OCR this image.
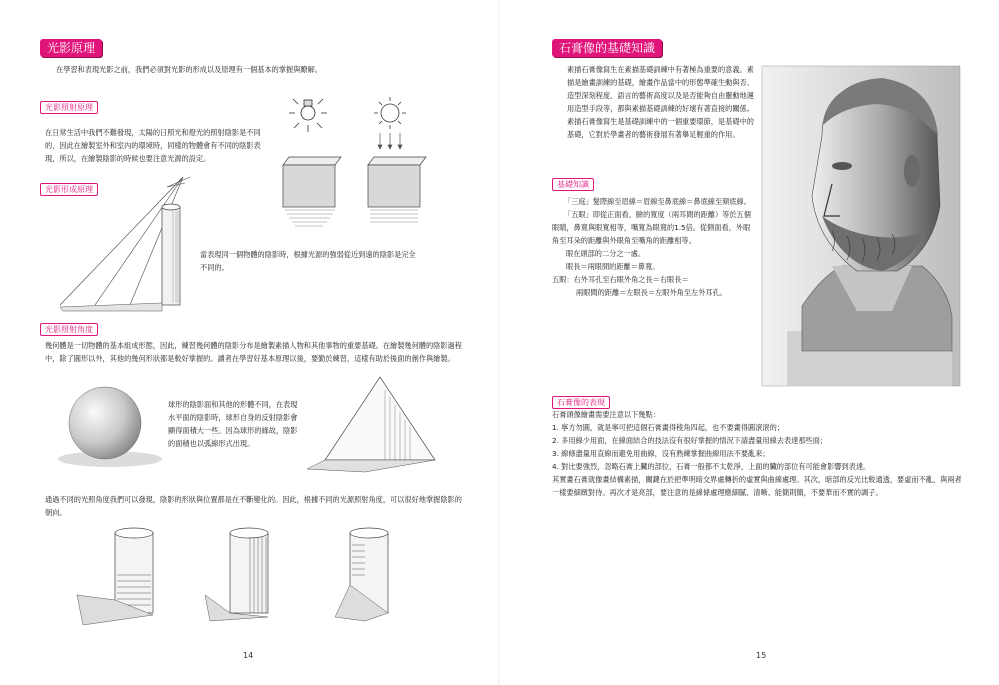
光影原理

在學習和表現光影之前，我們必須對光影的形成以及原理有一個基本的掌握與瞭解。

光影照射原理

在日常生活中我們不難發現，太陽的日照光和燈光的照射陰影是不同的，因此在繪製室外和室內的環境時，同樣的物體會有不同的陰影表現，所以，在繪製陰影的時候也要注意光源的設定。

光影形成原理

當表現同一個物體的陰影時，根據光源的強弱從近到遠的陰影是完全不同的。

光影照射角度

幾何體是一切物體的基本組成形態，因此，練習幾何體的陰影分布是繪製素描人物和其他事物的重要基礎。在繪製幾何體的陰影過程中，除了圓形以外，其他的幾何形狀都是較好掌握的。讀者在學習好基本原理以後，要勤於練習，這樣有助於後面的創作與繪製。

球形的陰影面和其他的形體不同，在表現水平面的陰影時，球形自身的反射陰影會顯得面積大一些。因為球形的緣故，陰影的面積也以弧線形式出現。

通過不同的光照角度我們可以發現，陰影的形狀與位置都是在不斷變化的。因此，根據不同的光源照射角度，可以很好地掌握陰影的朝向。

14
石膏像的基礎知識

素描石膏像寫生在素描基礎訓練中有著極為重要的意義。素描是繪畫訓練的基礎，繪畫作品當中的形態準確生動與否、造型深刻程度、語言的藝術高度以及是否能夠自由靈動地運用造型手段等，都與素描基礎訓練的好壞有著直接的關係。素描石膏像寫生是基礎訓練中的一個重要環節，是基礎中的基礎，它對於學畫者的藝術發展有著舉足輕重的作用。

基礎知識

「三庭」髮際線至眉線＝眉線至鼻底線＝鼻底線至頦底線。

「五眼」即從正面看，臉的寬度（兩耳間的距離）等於五個眼睛，鼻寬與眼寬相等，嘴寬為眼寬的1.5倍。從側面看，外眼角至耳朵的距離與外眼角至嘴角的距離相等。

眼在頭部的二分之一處。

眼長＝兩眼間的距離＝鼻寬。

五眼：右外耳孔至右眼外角之長＝右眼長＝

兩眼間的距離＝左眼長＝左眼外角至左外耳孔。

石膏像的表現

石膏頭像繪畫需要注意以下幾點：

1. 寧方勿圓，就是寧可把這個石膏畫得稜角四起，也不要畫得圓滾滾的；

2. 多用線少用面，在線面結合的技法沒有很好掌握的情況下請盡量用線去表達那些面；

3. 線條盡量用直線而避免用曲線，沒有熟練掌握曲線用法不要亂來；

4. 對比要強烈，忽略石膏上臟的部位，石膏一般都不太乾淨，上面的臟的部位有可能會影響到表達。

其實畫石膏就像畫結構素描，關鍵在於把準明暗交界處轉折的虛實與曲線處理。其次，暗部的反光比較通透，要虛而不亂，與兩者一樣要細緻對待。再次才是亮部，要注意的是線條處理應細膩、清晰、能簡則簡，不要華而不實的調子。

15
